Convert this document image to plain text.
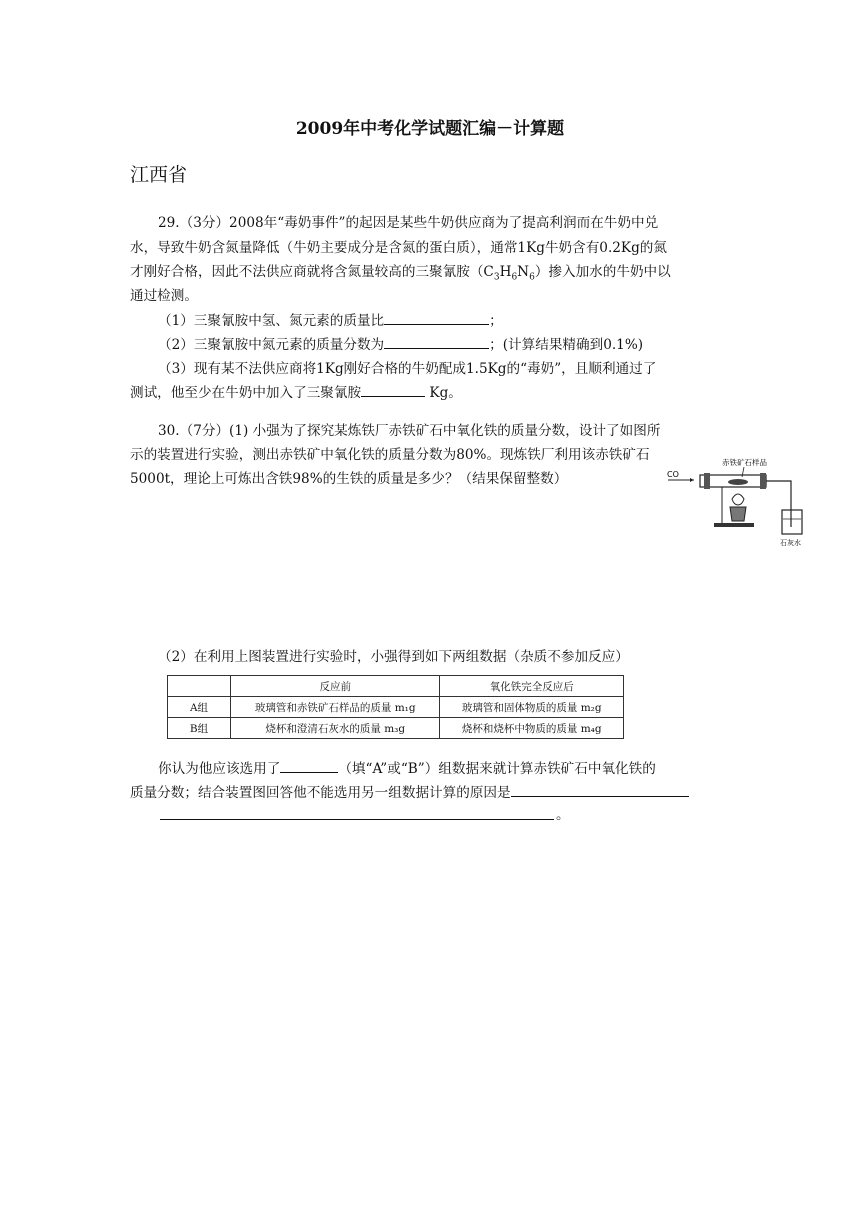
2009年中考化学试题汇编－计算题
江西省

29.（3分）2008年“毒奶事件”的起因是某些牛奶供应商为了提高利润而在牛奶中兑

水，导致牛奶含氮量降低（牛奶主要成分是含氮的蛋白质），通常1Kg牛奶含有0.2Kg的氮

才刚好合格，因此不法供应商就将含氮量较高的三聚氰胺$(C_3H_6N_6)$掺入加水的牛奶中以

通过检测。

（1）三聚氰胺中氢、氮元素的质量比	；

（2）三聚氰胺中氮元素的质量分数为	；(计算结果精确到0.1%)

（3）现有某不法供应商将1Kg刚好合格的牛奶配成1.5Kg的“毒奶”，且顺利通过了

测试，他至少在牛奶中加入了三聚氰胺	Kg。

30.（7分）(1) 小强为了探究某炼铁厂赤铁矿石中氧化铁的质量分数，设计了如图所

示的装置进行实验，测出赤铁矿中氧化铁的质量分数为80%。现炼铁厂利用该赤铁矿石

5000t，理论上可炼出含铁98%的生铁的质量是多少？（结果保留整数）	CO
赤铁矿石样品
石灰水

（2）在利用上图装置进行实验时，小强得到如下两组数据（杂质不参加反应）

	反应前	氧化铁完全反应后
A组	玻璃管和赤铁矿石样品的质量 m₁g	玻璃管和固体物质的质量 m₂g
B组	烧杯和澄清石灰水的质量 m₃g	烧杯和烧杯中物质的质量 m₄g

你认为他应该选用了	（填“A”或“B”）组数据来就计算赤铁矿石中氧化铁的

质量分数；结合装置图回答他不能选用另一组数据计算的原因是

。
